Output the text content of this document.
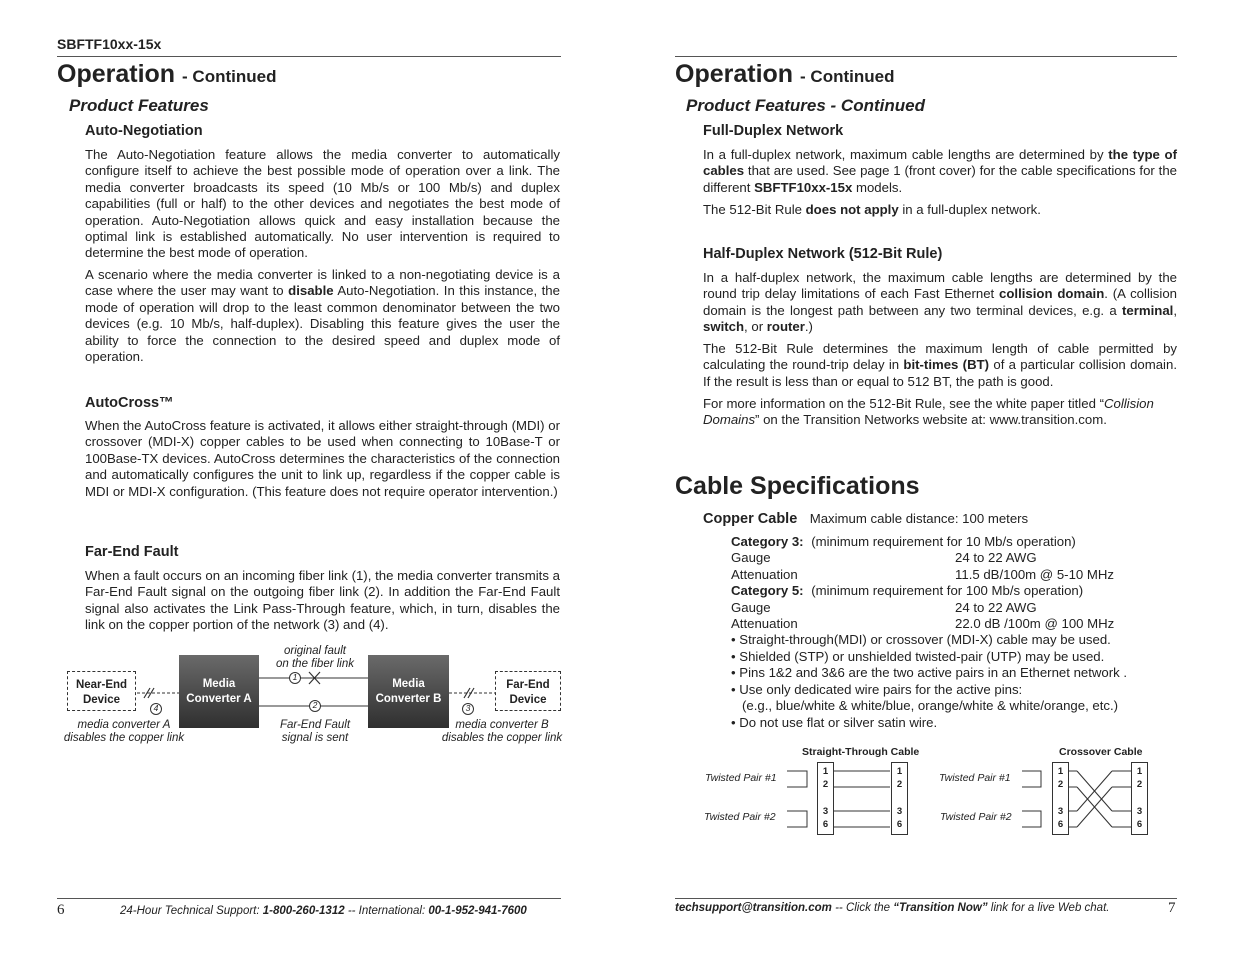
SBFTF10xx-15x
Operation - Continued
Product Features
Auto-Negotiation
The Auto-Negotiation feature allows the media converter to automatically configure itself to achieve the best possible mode of operation over a link. The media converter broadcasts its speed (10 Mb/s or 100 Mb/s) and duplex capabilities (full or half) to the other devices and negotiates the best mode of operation. Auto-Negotiation allows quick and easy installation because the optimal link is established automatically. No user intervention is required to determine the best mode of operation.
A scenario where the media converter is linked to a non-negotiating device is a case where the user may want to disable Auto-Negotiation. In this instance, the mode of operation will drop to the least common denominator between the two devices (e.g. 10 Mb/s, half-duplex). Disabling this feature gives the user the ability to force the connection to the desired speed and duplex mode of operation.
AutoCross™
When the AutoCross feature is activated, it allows either straight-through (MDI) or crossover (MDI-X) copper cables to be used when connecting to 10Base-T or 100Base-TX devices. AutoCross determines the characteristics of the connection and automatically configures the unit to link up, regardless if the copper cable is MDI or MDI-X configuration. (This feature does not require operator intervention.)
Far-End Fault
When a fault occurs on an incoming fiber link (1), the media converter transmits a Far-End Fault signal on the outgoing fiber link (2). In addition the Far-End Fault signal also activates the Link Pass-Through feature, which, in turn, disables the link on the copper portion of the network (3) and (4).
1
2
4	3
Near-End
Device
Media
Converter A
Media
Converter B
Far-End
Device
original fault
on the fiber link
Far-End Fault
signal is sent
media converter A
disables the copper link
media converter B
disables the copper link
6	24-Hour Technical Support: 1-800-260-1312 -- International: 00-1-952-941-7600
Operation - Continued
Product Features - Continued
Full-Duplex Network
In a full-duplex network, maximum cable lengths are determined by the type of cables that are used. See page 1 (front cover) for the cable specifications for the different SBFTF10xx-15x models.
The 512-Bit Rule does not apply in a full-duplex network.
Half-Duplex Network (512-Bit Rule)
In a half-duplex network, the maximum cable lengths are determined by the round trip delay limitations of each Fast Ethernet collision domain. (A collision domain is the longest path between any two terminal devices, e.g. a terminal, switch, or router.)
The 512-Bit Rule determines the maximum length of cable permitted by calculating the round-trip delay in bit-times (BT) of a particular collision domain. If the result is less than or equal to 512 BT, the path is good.
For more information on the 512-Bit Rule, see the white paper titled “Collision Domains” on the Transition Networks website at: www.transition.com.
Cable Specifications
Copper Cable Maximum cable distance: 100 meters
Category 3: (minimum requirement for 10 Mb/s operation)
Gauge	24 to 22 AWG
Attenuation	11.5 dB/100m @ 5-10 MHz
Category 5: (minimum requirement for 100 Mb/s operation)
Gauge	24 to 22 AWG
Attenuation	22.0 dB /100m @ 100 MHz
• Straight-through(MDI) or crossover (MDI-X) cable may be used.
• Shielded (STP) or unshielded twisted-pair (UTP) may be used.
• Pins 1&2 and 3&6 are the two active pairs in an Ethernet network .
• Use only dedicated wire pairs for the active pins:
(e.g., blue/white & white/blue, orange/white & white/orange, etc.)
• Do not use flat or silver satin wire.
Straight-Through Cable	Crossover Cable
Twisted Pair #1
Twisted Pair #2
Twisted Pair #1
Twisted Pair #2
1
2
3
6
1
2
3
6
1
2
3
6
1
2
3
6
techsupport@transition.com -- Click the “Transition Now” link for a live Web chat.	7
